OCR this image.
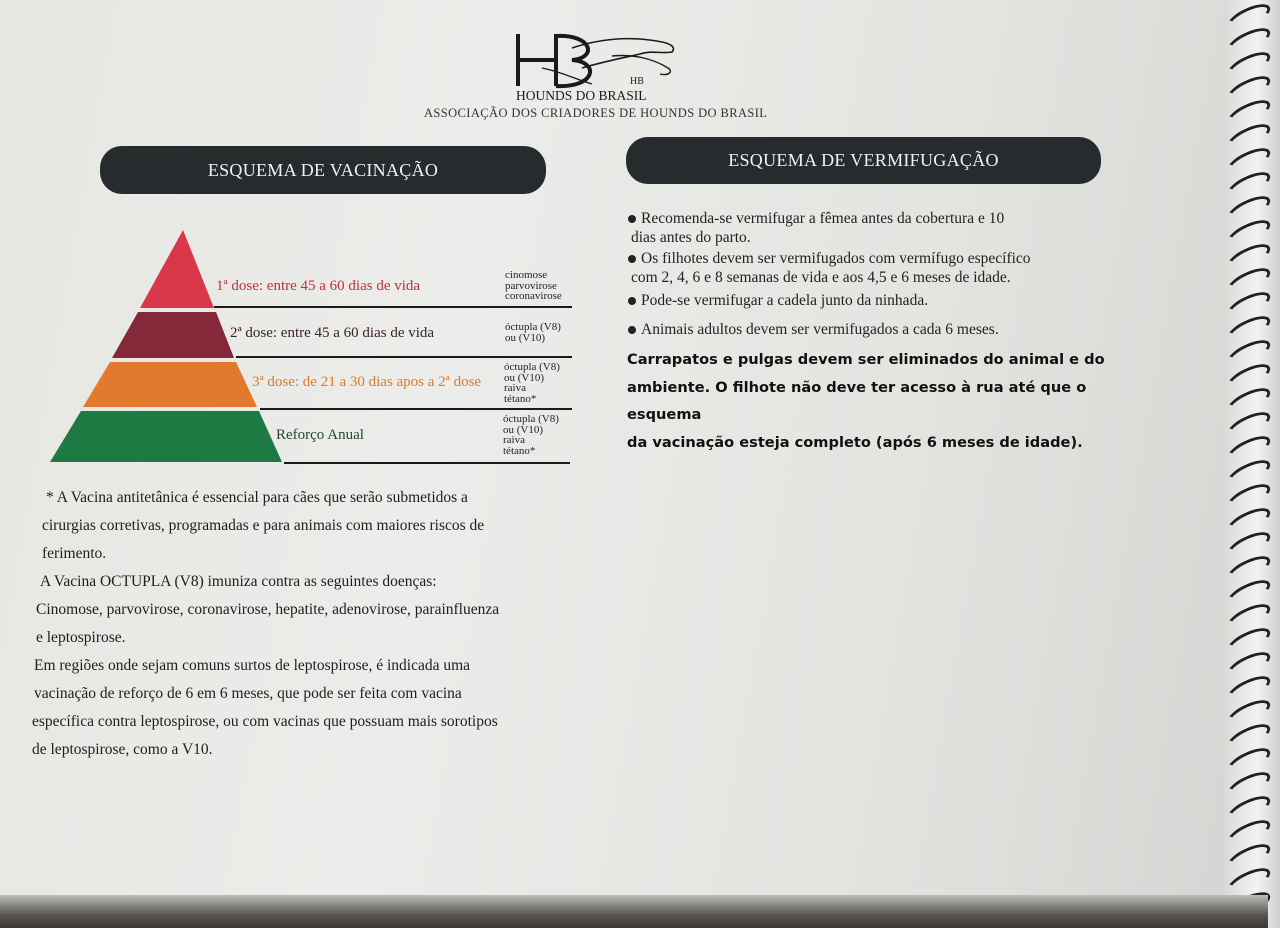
HB
HOUNDS DO BRASIL
ASSOCIAÇÃO DOS CRIADORES DE HOUNDS DO BRASIL
ESQUEMA DE VACINAÇÃO	ESQUEMA DE VERMIFUGAÇÃO
1ª dose: entre 45 a 60 dias de vida
2ª dose: entre 45 a 60 dias de vida
3ª dose: de 21 a 30 dias apos a 2ª dose
Reforço Anual
cinomose
parvovirose
coronavirose
óctupla (V8)
ou (V10)
óctupla (V8)
ou (V10)
raiva
tétano*
óctupla (V8)
ou (V10)
raiva
tétano*

* A Vacina antitetânica é essencial para cães que serão submetidos a

cirurgias corretivas, programadas e para animais com maiores riscos de

ferimento.

A Vacina OCTUPLA (V8) imuniza contra as seguintes doenças:

Cinomose, parvovirose, coronavirose, hepatite, adenovirose, parainfluenza

e leptospirose.

Em regiões onde sejam comuns surtos de leptospirose, é indicada uma

vacinação de reforço de 6 em 6 meses, que pode ser feita com vacina

específica contra leptospirose, ou com vacinas que possuam mais sorotipos

de leptospirose, como a V10.

Recomenda-se vermifugar a fêmea antes da cobertura e 10
dias antes do parto.
Os filhotes devem ser vermifugados com vermífugo específico
com 2, 4, 6 e 8 semanas de vida e aos 4,5 e 6 meses de idade.
Pode-se vermifugar a cadela junto da ninhada.
Animais adultos devem ser vermifugados a cada 6 meses.
Carrapatos e pulgas devem ser eliminados do animal e do
ambiente. O filhote não deve ter acesso à rua até que o esquema
da vacinação esteja completo (após 6 meses de idade).
